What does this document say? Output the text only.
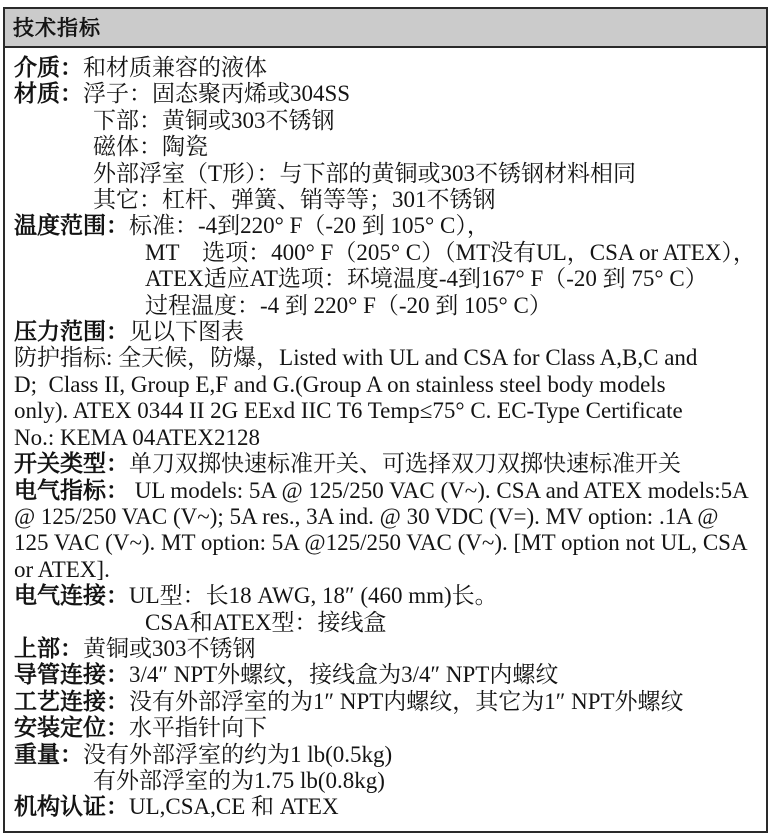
技术指标
介质：和材质兼容的液体
材质：浮子：固态聚丙烯或304SS
下部：黄铜或303不锈钢
磁体：陶瓷
外部浮室（T形）：与下部的黄铜或303不锈钢材料相同
其它：杠杆、弹簧、销等等；301不锈钢
温度范围：标准：-4到220° F（-20 到 105° C），
MT    选项：400° F（205° C）（MT没有UL，CSA or ATEX），
ATEX适应AT选项：环境温度-4到167° F（-20 到 75° C）
过程温度：-4 到 220° F（-20 到 105° C）
压力范围：见以下图表
防护指标: 全天候，防爆，Listed with UL and CSA for Class A,B,C and
D;  Class II, Group E,F and G.(Group A on stainless steel body models
only). ATEX 0344 II 2G EExd IIC T6 Temp≤75° C. EC-Type Certificate
No.: KEMA 04ATEX2128
开关类型：单刀双掷快速标准开关、可选择双刀双掷快速标准开关
电气指标： UL models: 5A @ 125/250 VAC (V~). CSA and ATEX models:5A
@ 125/250 VAC (V~); 5A res., 3A ind. @ 30 VDC (V=). MV option: .1A @
125 VAC (V~). MT option: 5A @125/250 VAC (V~). [MT option not UL, CSA
or ATEX].
电气连接：UL型：长18 AWG, 18″ (460 mm)长。
CSA和ATEX型：接线盒
上部：黄铜或303不锈钢
导管连接：3/4″ NPT外螺纹，接线盒为3/4″ NPT内螺纹
工艺连接：没有外部浮室的为1″ NPT内螺纹，其它为1″ NPT外螺纹
安装定位：水平指针向下
重量：没有外部浮室的约为1 lb(0.5kg)
有外部浮室的为1.75 lb(0.8kg)
机构认证：UL,CSA,CE 和 ATEX
